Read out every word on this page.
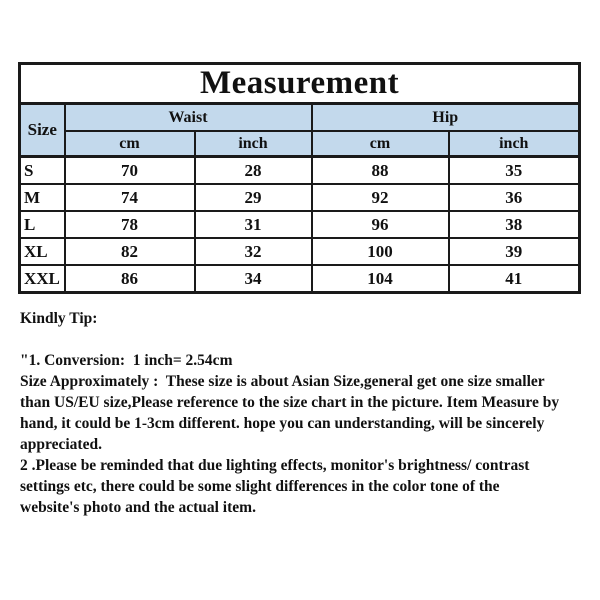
Measurement				
Size	Waist		Hip	
	cm	inch	cm	inch
S	70	28	88	35
M	74	29	92	36
L	78	31	96	38
XL	82	32	100	39
XXL	86	34	104	41

Kindly Tip:

"1. Conversion:  1 inch= 2.54cm

Size Approximately :  These size is about Asian Size,general get one size smaller

than US/EU size,Please reference to the size chart in the picture. Item Measure by

hand, it could be 1-3cm different. hope you can understanding, will be sincerely

appreciated.

2 .Please be reminded that due lighting effects, monitor's brightness/ contrast

settings etc, there could be some slight differences in the color tone of the

website's photo and the actual item.
